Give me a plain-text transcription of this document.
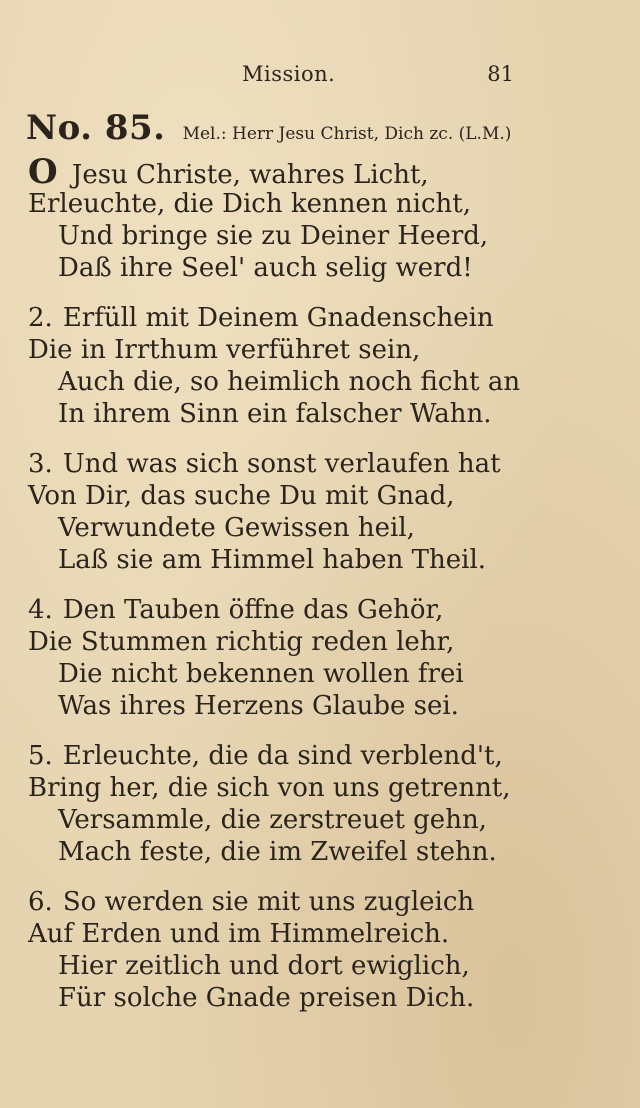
Mission.	81
No. 85. Mel.: Herr Jesu Christ, Dich zc. (L.M.)
O Jesu Christe, wahres Licht,
Erleuchte, die Dich kennen nicht,
Und bringe sie zu Deiner Heerd,
Daß ihre Seel' auch selig werd!
2. Erfüll mit Deinem Gnadenschein
Die in Irrthum verführet sein,
Auch die, so heimlich noch ficht an
In ihrem Sinn ein falscher Wahn.
3. Und was sich sonst verlaufen hat
Von Dir, das suche Du mit Gnad,
Verwundete Gewissen heil,
Laß sie am Himmel haben Theil.
4. Den Tauben öffne das Gehör,
Die Stummen richtig reden lehr,
Die nicht bekennen wollen frei
Was ihres Herzens Glaube sei.
5. Erleuchte, die da sind verblend't,
Bring her, die sich von uns getrennt,
Versammle, die zerstreuet gehn,
Mach feste, die im Zweifel stehn.
6. So werden sie mit uns zugleich
Auf Erden und im Himmelreich.
Hier zeitlich und dort ewiglich,
Für solche Gnade preisen Dich.
